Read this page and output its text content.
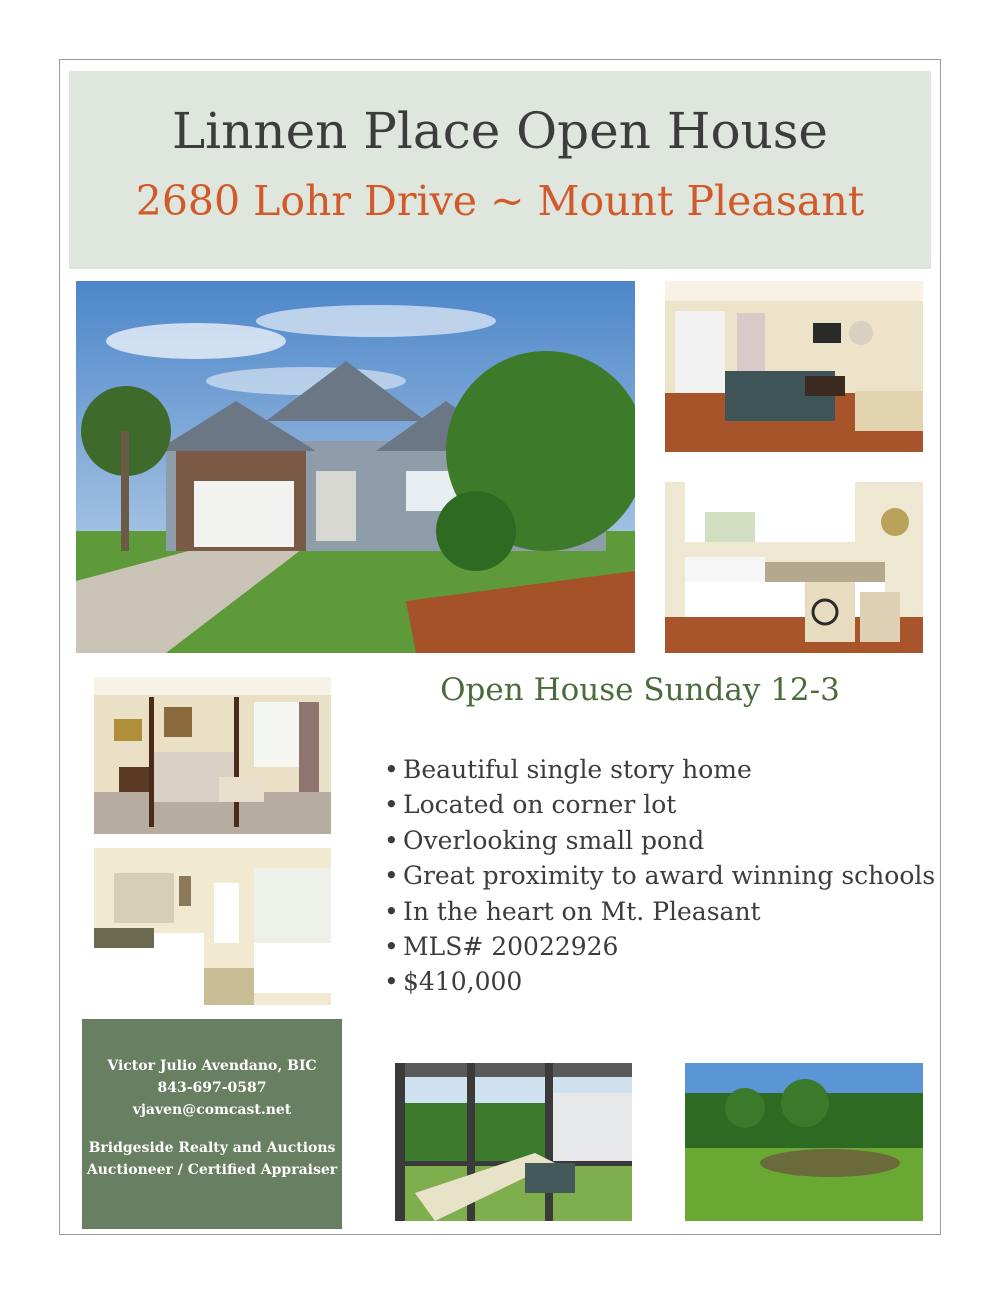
Linnen Place Open House
2680 Lohr Drive ~ Mount Pleasant
Open House Sunday 12-3
• Beautiful single story home
• Located on corner lot
• Overlooking small pond
• Great proximity to award winning schools
• In the heart on Mt. Pleasant
• MLS# 20022926
• $410,000
Victor Julio Avendano, BIC
843-697-0587
vjaven@comcast.net
Bridgeside Realty and Auctions
Auctioneer / Certified Appraiser
